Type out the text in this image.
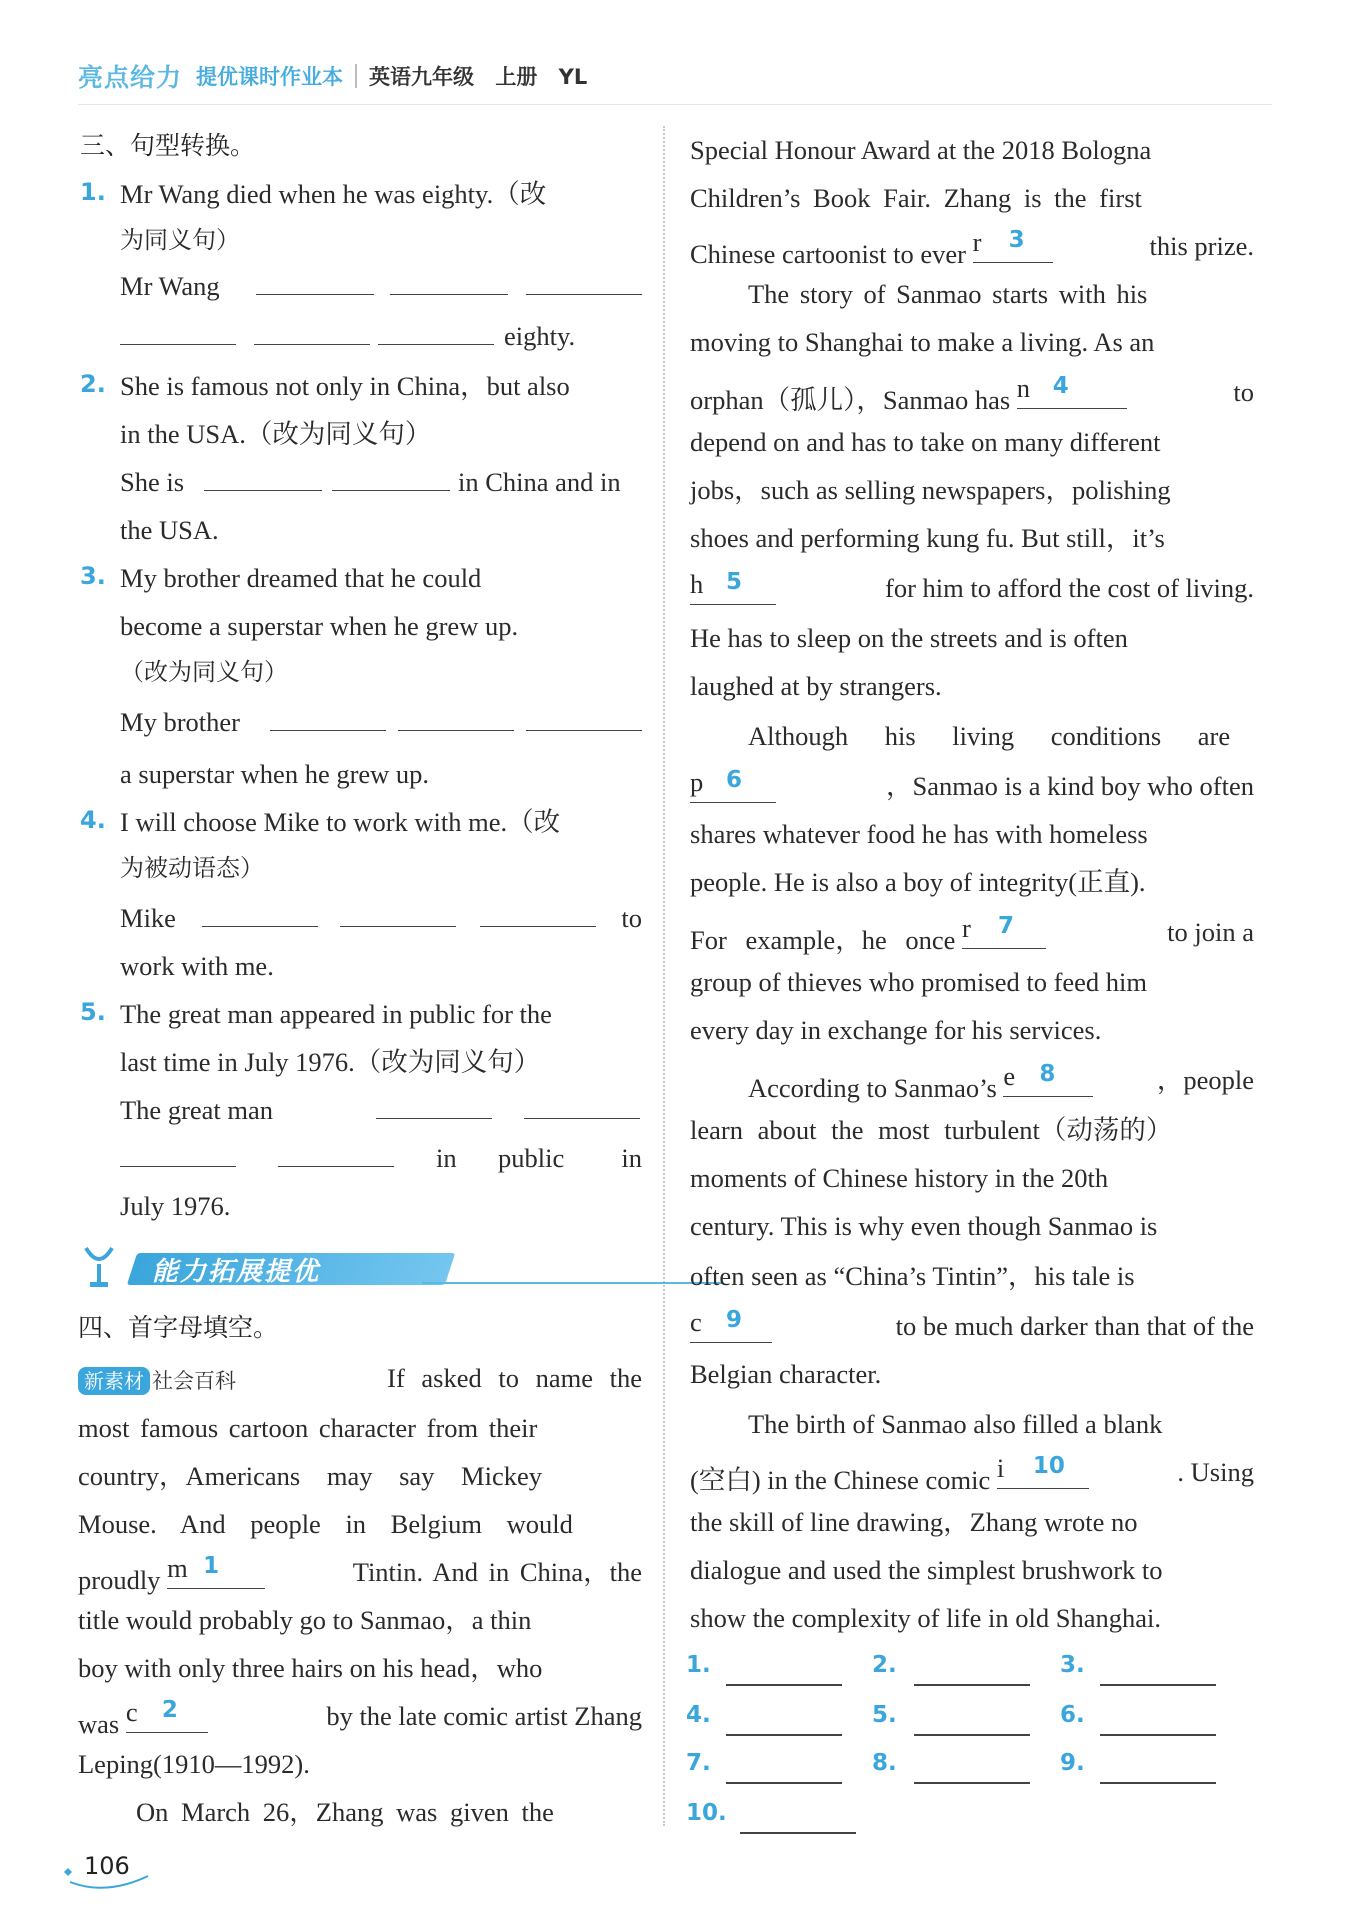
亮点给力 提优课时作业本 英语九年级 上册 YL
三、句型转换。
1. Mr Wang died when he was eighty.（改
为同义句）
Mr Wang
eighty.
2. She is famous not only in China，but also
in the USA.（改为同义句）
She is	in China and in
the USA.
3. My brother dreamed that he could
become a superstar when he grew up.
（改为同义句）
My brother
a superstar when he grew up.
4. I will choose Mike to work with me.（改
为被动语态）
Mike	to
work with me.
5. The great man appeared in public for the
last time in July 1976.（改为同义句）
The great man
in public in
July 1976.
能力拓展提优
四、首字母填空。
新素材 社会百科	If asked to name the
most famous cartoon character from their
country，Americans may say Mickey
Mouse. And people in Belgium would
proudly m 1	Tintin. And in China，the
title would probably go to Sanmao，a thin
boy with only three hairs on his head，who
was c 2	by the late comic artist Zhang
Leping(1910—1992).
On March 26，Zhang was given the
Special Honour Award at the 2018 Bologna
Children’s Book Fair. Zhang is the first
Chinese cartoonist to ever r 3	this prize.
The story of Sanmao starts with his
moving to Shanghai to make a living. As an
orphan（孤儿），Sanmao has n 4	to
depend on and has to take on many different
jobs，such as selling newspapers，polishing
shoes and performing kung fu. But still，it’s
h 5	for him to afford the cost of living.
He has to sleep on the streets and is often
laughed at by strangers.
Although his living conditions are
p 6	，Sanmao is a kind boy who often
shares whatever food he has with homeless
people. He is also a boy of integrity(正直).
For example，he once r 7	to join a
group of thieves who promised to feed him
every day in exchange for his services.
According to Sanmao’s e 8	，people
learn about the most turbulent（动荡的）
moments of Chinese history in the 20th
century. This is why even though Sanmao is
often seen as “China’s Tintin”，his tale is
c 9	to be much darker than that of the
Belgian character.
The birth of Sanmao also filled a blank
(空白) in the Chinese comic i 10	. Using
the skill of line drawing，Zhang wrote no
dialogue and used the simplest brushwork to
show the complexity of life in old Shanghai.
1.	2.	3.
4.	5.	6.
7.	8.	9.
10.
106
